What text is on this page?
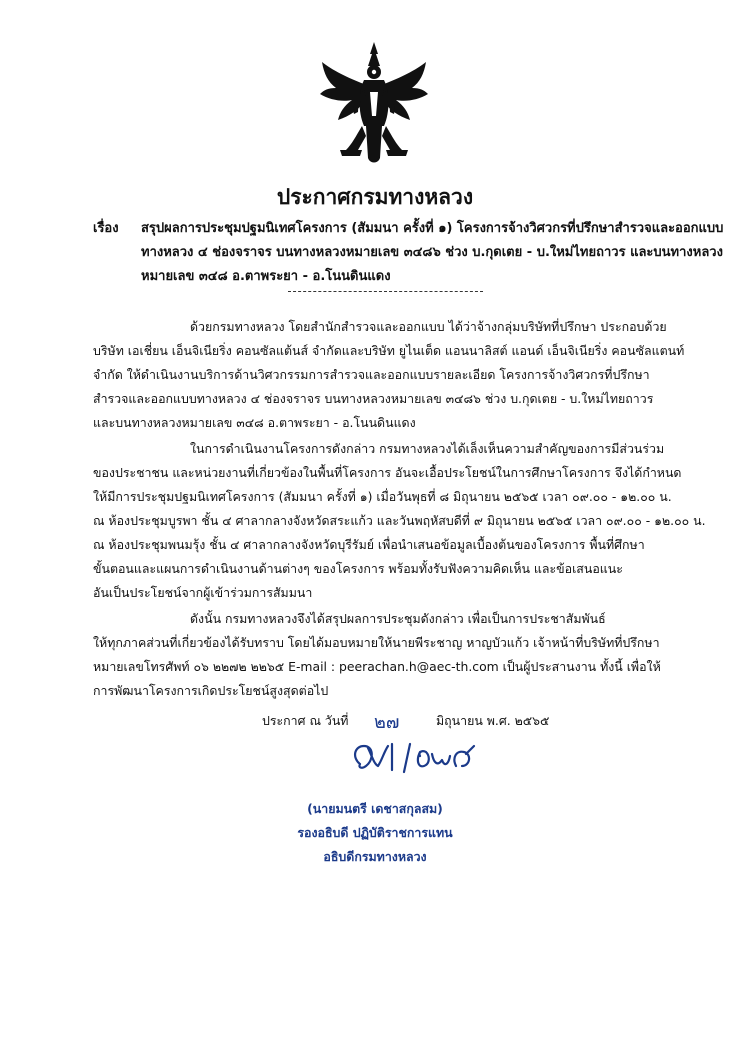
ประกาศกรมทางหลวง
เรื่อง สรุปผลการประชุมปฐมนิเทศโครงการ (สัมมนา ครั้งที่ ๑) โครงการจ้างวิศวกรที่ปรึกษาสำรวจและออกแบบ
ทางหลวง ๔ ช่องจราจร บนทางหลวงหมายเลข ๓๔๘๖ ช่วง บ.กุดเตย - บ.ใหม่ไทยถาวร และบนทางหลวง
หมายเลข ๓๔๘ อ.ตาพระยา - อ.โนนดินแดง
ด้วยกรมทางหลวง โดยสำนักสำรวจและออกแบบ ได้ว่าจ้างกลุ่มบริษัทที่ปรึกษา ประกอบด้วย
บริษัท เอเชี่ยน เอ็นจิเนียริ่ง คอนซัลแต้นส์ จำกัดและบริษัท ยูไนเต็ด แอนนาลิสต์ แอนด์ เอ็นจิเนียริ่ง คอนซัลแตนท์
จำกัด ให้ดำเนินงานบริการด้านวิศวกรรมการสำรวจและออกแบบรายละเอียด โครงการจ้างวิศวกรที่ปรึกษา
สำรวจและออกแบบทางหลวง ๔ ช่องจราจร บนทางหลวงหมายเลข ๓๔๘๖ ช่วง บ.กุดเตย - บ.ใหม่ไทยถาวร
และบนทางหลวงหมายเลข ๓๔๘ อ.ตาพระยา - อ.โนนดินแดง
ในการดำเนินงานโครงการดังกล่าว กรมทางหลวงได้เล็งเห็นความสำคัญของการมีส่วนร่วม
ของประชาชน และหน่วยงานที่เกี่ยวข้องในพื้นที่โครงการ อันจะเอื้อประโยชน์ในการศึกษาโครงการ จึงได้กำหนด
ให้มีการประชุมปฐมนิเทศโครงการ (สัมมนา ครั้งที่ ๑) เมื่อวันพุธที่ ๘ มิถุนายน ๒๕๖๕ เวลา ๐๙.๐๐ - ๑๒.๐๐ น.
ณ ห้องประชุมบูรพา ชั้น ๔ ศาลากลางจังหวัดสระแก้ว และวันพฤหัสบดีที่ ๙ มิถุนายน ๒๕๖๕ เวลา ๐๙.๐๐ - ๑๒.๐๐ น.
ณ ห้องประชุมพนมรุ้ง ชั้น ๔ ศาลากลางจังหวัดบุรีรัมย์ เพื่อนำเสนอข้อมูลเบื้องต้นของโครงการ พื้นที่ศึกษา
ขั้นตอนและแผนการดำเนินงานด้านต่างๆ ของโครงการ พร้อมทั้งรับฟังความคิดเห็น และข้อเสนอแนะ
อันเป็นประโยชน์จากผู้เข้าร่วมการสัมมนา
ดังนั้น กรมทางหลวงจึงได้สรุปผลการประชุมดังกล่าว เพื่อเป็นการประชาสัมพันธ์
ให้ทุกภาคส่วนที่เกี่ยวข้องได้รับทราบ โดยได้มอบหมายให้นายพีระชาญ หาญบัวแก้ว เจ้าหน้าที่บริษัทที่ปรึกษา
หมายเลขโทรศัพท์ ๐๖ ๒๒๗๒ ๒๒๖๕ E-mail : peerachan.h@aec-th.com เป็นผู้ประสานงาน ทั้งนี้ เพื่อให้
การพัฒนาโครงการเกิดประโยชน์สูงสุดต่อไป
ประกาศ ณ วันที่ ๒๗	มิถุนายน พ.ศ. ๒๕๖๕
(นายมนตรี เดชาสกุลสม)
รองอธิบดี ปฏิบัติราชการแทน
อธิบดีกรมทางหลวง
